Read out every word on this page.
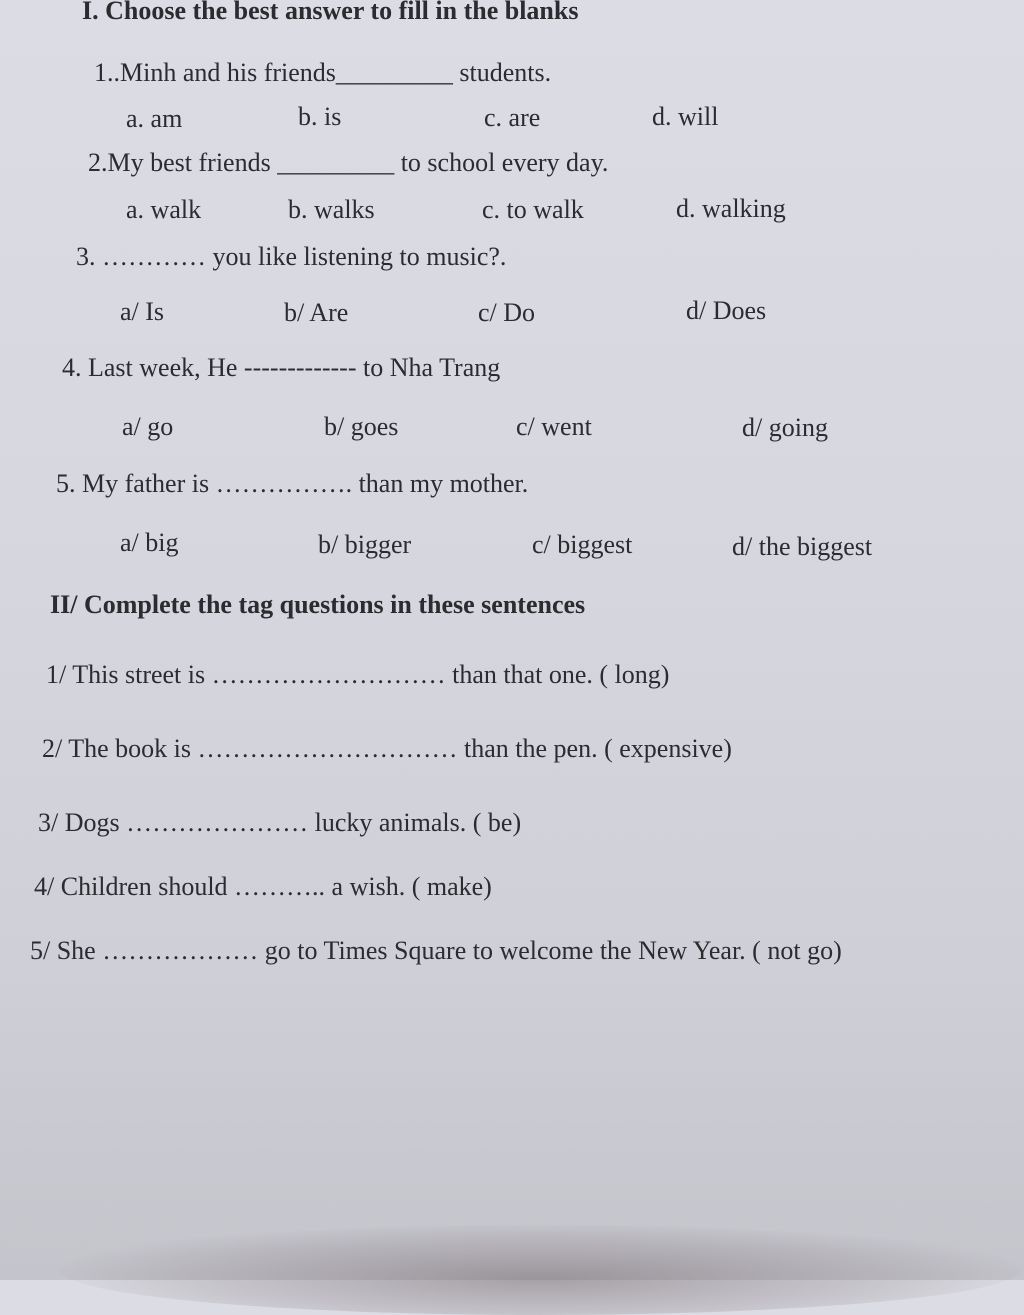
I. Choose the best answer to fill in the blanks
1..Minh and his friends_________ students.
a. am	b. is	c. are	d. will
2.My best friends _________ to school every day.
a. walk	b. walks	c. to walk	d. walking
3. ………… you like listening to music?.
a/ Is	b/ Are	c/ Do	d/ Does
4. Last week, He ------------- to Nha Trang
a/ go	b/ goes	c/ went	d/ going
5. My father is ……………. than my mother.
a/ big	b/ bigger	c/ biggest	d/ the biggest
II/ Complete the tag questions in these sentences
1/ This street is ……………………… than that one. ( long)
2/ The book is ………………………… than the pen. ( expensive)
3/ Dogs ………………… lucky animals. ( be)
4/ Children should ……….. a wish. ( make)
5/ She ……………… go to Times Square to welcome the New Year. ( not go)
